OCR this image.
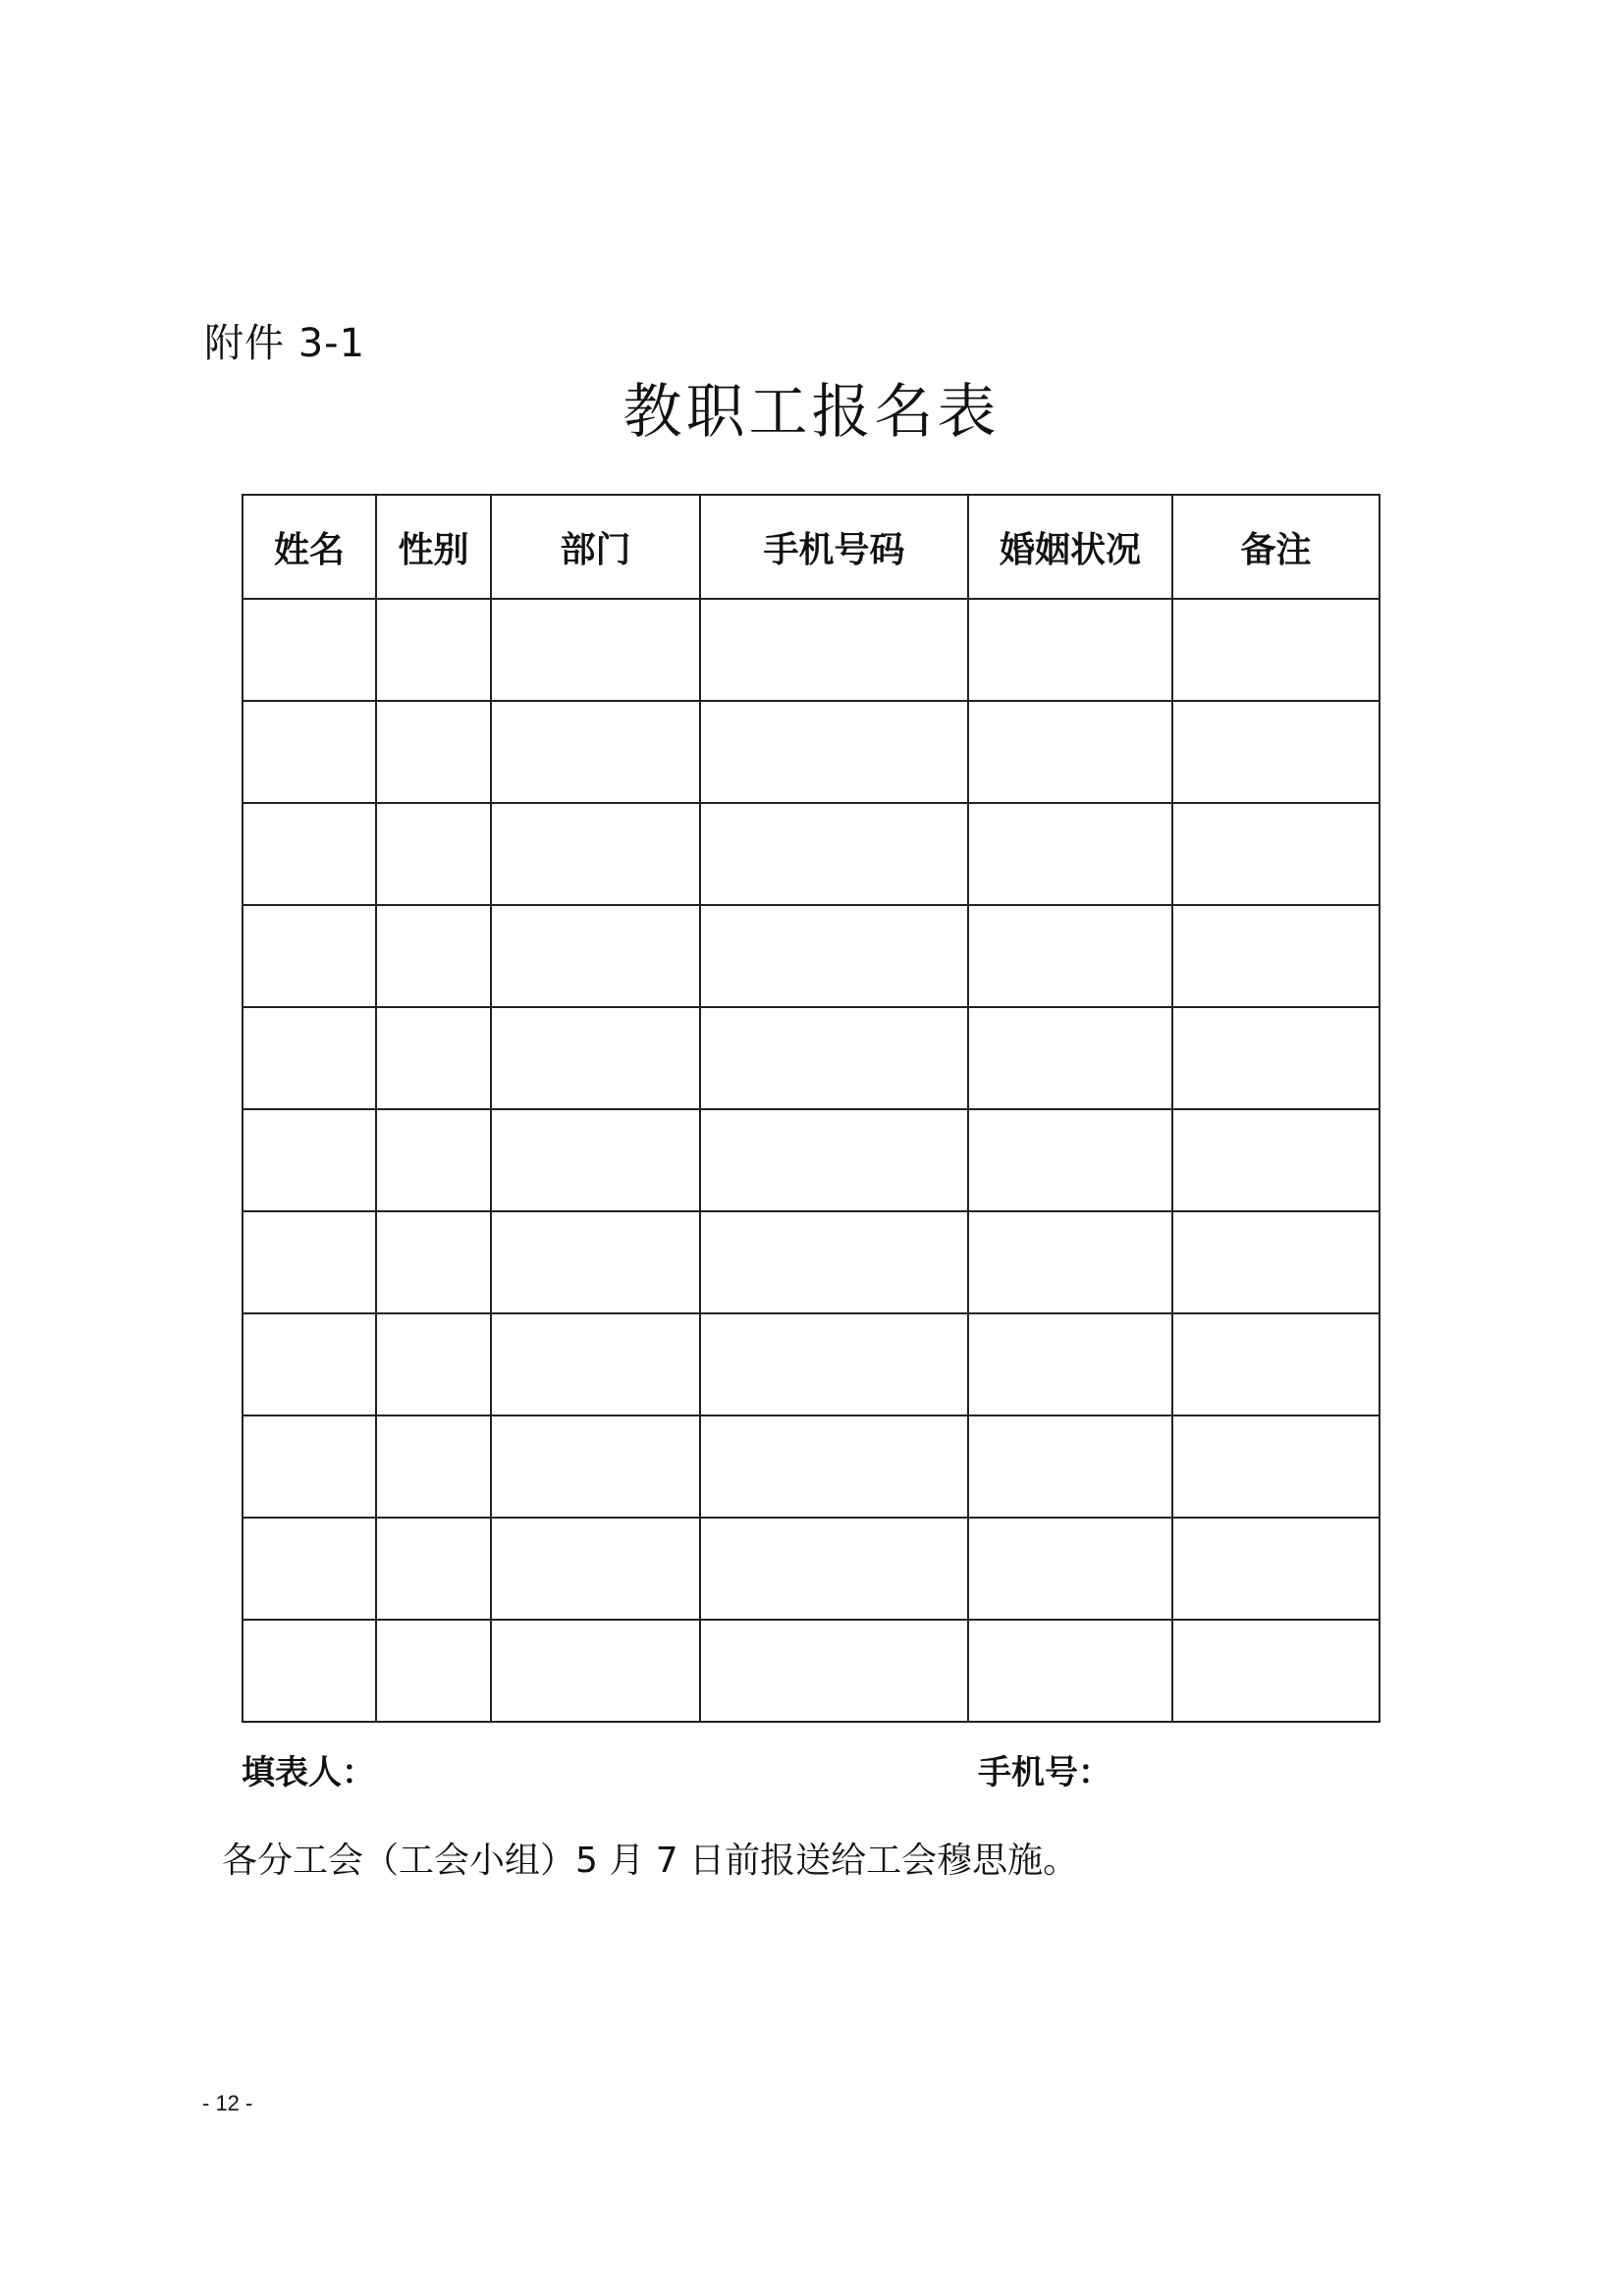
附件 3-1
教职工报名表
姓名	性别	部门	手机号码	婚姻状况	备注

填表人：	手机号：
各分工会（工会小组）5 月 7 日前报送给工会穆思施。
- 12 -
